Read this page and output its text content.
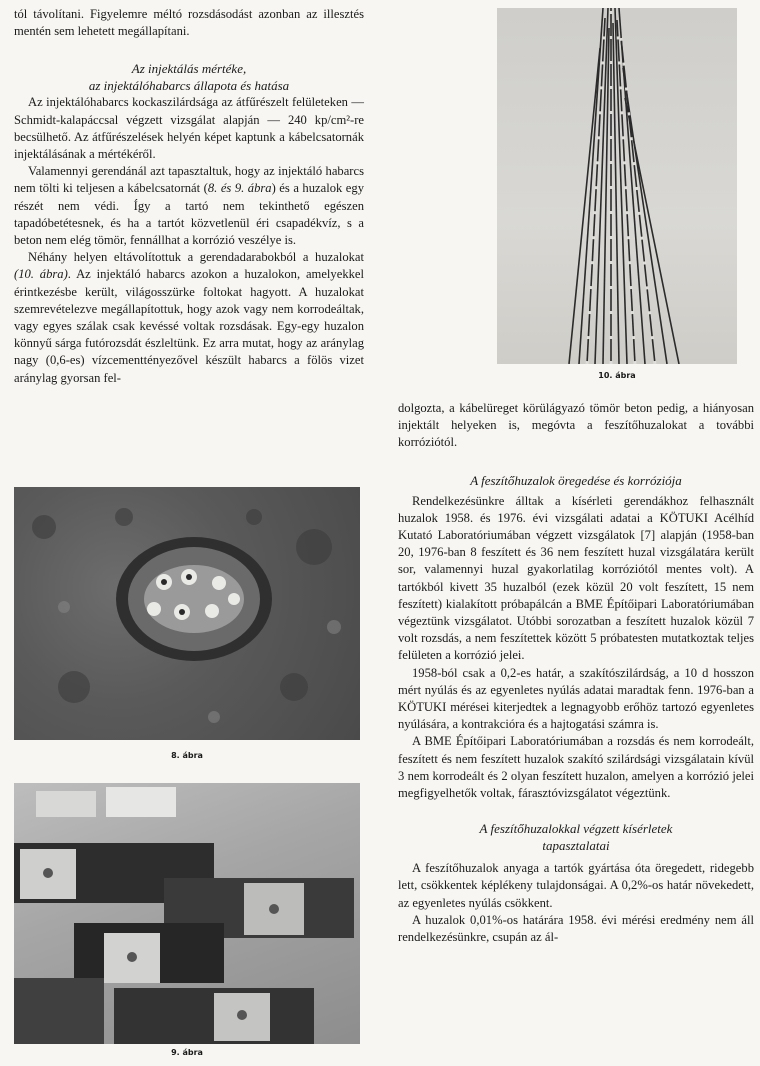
tól távolítani. Figyelemre méltó rozsdásodást azonban az illesztés mentén sem lehetett megállapítani.

Az injektálás mértéke,
az injektálóhabarcs állapota és hatása

Az injektálóhabarcs kockaszilárdsága az átfűrészelt felületeken — Schmidt-kalapáccsal végzett vizsgálat alapján — 240 kp/cm²-re becsülhető. Az átfűrészelések helyén képet kaptunk a kábelcsatornák injektálásának a mértékéről.

Valamennyi gerendánál azt tapasztaltuk, hogy az injektáló habarcs nem tölti ki teljesen a kábelcsatornát (8. és 9. ábra) és a huzalok egy részét nem védi. Így a tartó nem tekinthető egészen tapadóbetétesnek, és ha a tartót közvetlenül éri csapadékvíz, s a beton nem elég tömör, fennállhat a korrózió veszélye is.

Néhány helyen eltávolítottuk a gerendadarabokból a huzalokat (10. ábra). Az injektáló habarcs azokon a huzalokon, amelyekkel érintkezésbe került, világosszürke foltokat hagyott. A huzalokat szemrevételezve megállapítottuk, hogy azok vagy nem korrodeáltak, vagy egyes szálak csak kevéssé voltak rozsdásak. Egy-egy huzalon könnyű sárga futórozsdát észleltünk. Ez arra mutat, hogy az aránylag nagy (0,6-es) vízcementtényezővel készült habarcs a fölös vizet aránylag gyorsan fel-	10. ábra

dolgozta, a kábelüreget körülágyazó tömör beton pedig, a hiányosan injektált helyeken is, megóvta a feszítőhuzalokat a további korróziótól.

A feszítőhuzalok öregedése és korróziója

Rendelkezésünkre álltak a kísérleti gerendákhoz felhasznált huzalok 1958. és 1976. évi vizsgálati adatai a KÖTUKI Acélhíd Kutató Laboratóriumában végzett vizsgálatok [7] alapján (1958-ban 20, 1976-ban 8 feszített és 36 nem feszített huzal vizsgálatára került sor, valamennyi huzal gyakorlatilag korróziótól mentes volt). A tartókból kivett 35 huzalból (ezek közül 20 volt feszített, 15 nem feszített) kialakított próbapálcán a BME Építőipari Laboratóriumában végeztünk vizsgálatot. Utóbbi sorozatban a feszített huzalok közül 7 volt rozsdás, a nem feszítettek között 5 próbatesten mutatkoztak teljes felületen a korrózió jelei.

1958-ból csak a 0,2-es határ, a szakítószilárdság, a 10 d hosszon mért nyúlás és az egyenletes nyúlás adatai maradtak fenn. 1976-ban a KÖTUKI mérései kiterjedtek a legnagyobb erőhöz tartozó egyenletes nyúlására, a kontrakcióra és a hajtogatási számra is.

A BME Építőipari Laboratóriumában a rozsdás és nem korrodeált, feszített és nem feszített huzalok szakító szilárdsági vizsgálatain kívül 3 nem korrodeált és 2 olyan feszített huzalon, amelyen a korrózió jelei megfigyelhetők voltak, fárasztóvizsgálatot végeztünk.

A feszítőhuzalokkal végzett kísérletek
tapasztalatai

A feszítőhuzalok anyaga a tartók gyártása óta öregedett, ridegebb lett, csökkentek képlékeny tulajdonságai. A 0,2%-os határ növekedett, az egyenletes nyúlás csökkent.

A huzalok 0,01%-os határára 1958. évi mérési eredmény nem áll rendelkezésünkre, csupán az ál-

8. ábra
9. ábra
